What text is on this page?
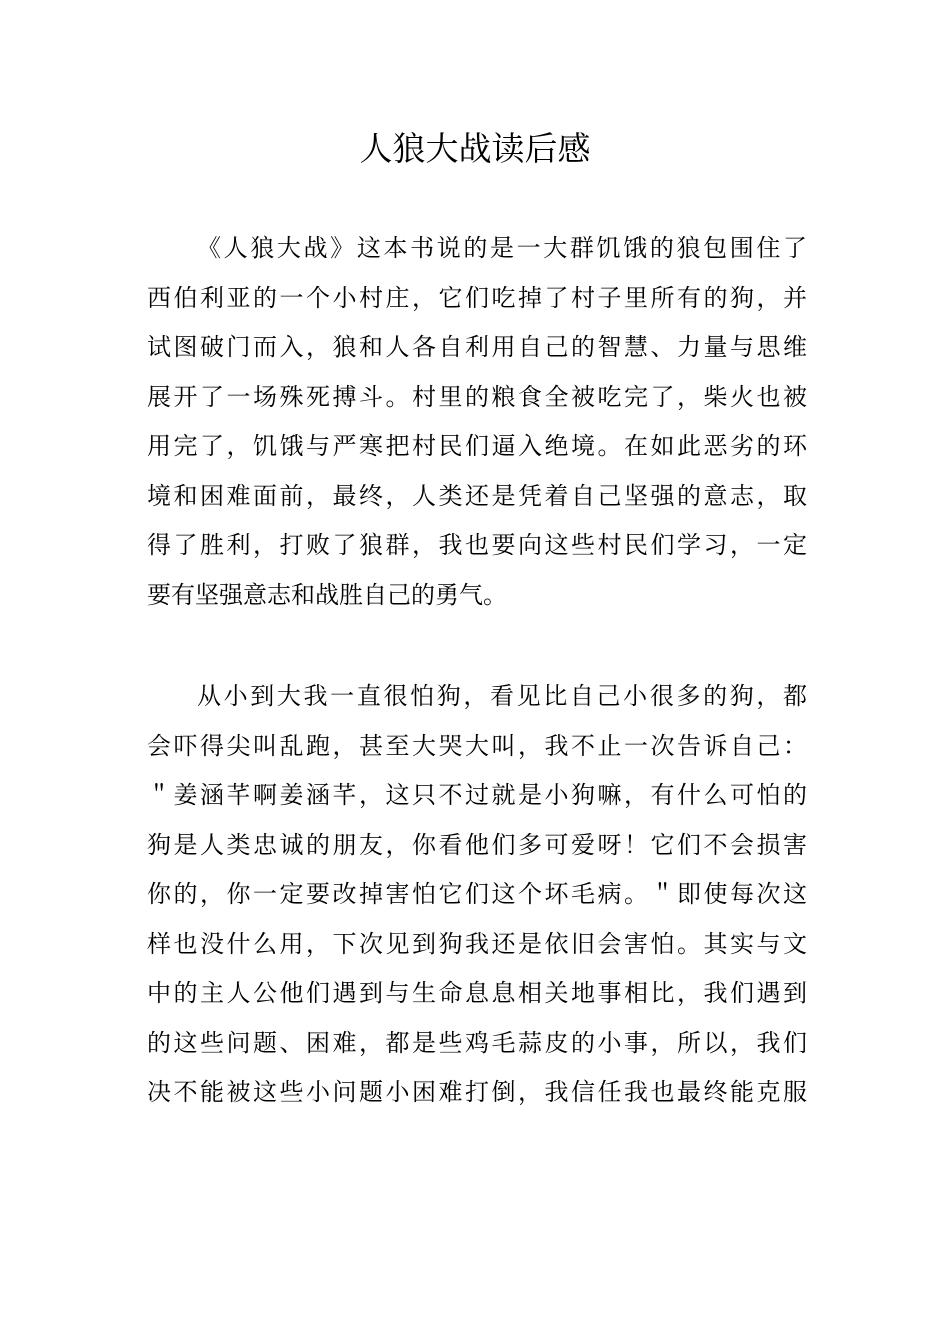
人狼大战读后感
《人狼大战》这本书说的是一大群饥饿的狼包围住了
西伯利亚的一个小村庄，它们吃掉了村子里所有的狗，并
试图破门而入，狼和人各自利用自己的智慧、力量与思维
展开了一场殊死搏斗。村里的粮食全被吃完了，柴火也被
用完了，饥饿与严寒把村民们逼入绝境。在如此恶劣的环
境和困难面前，最终，人类还是凭着自己坚强的意志，取
得了胜利，打败了狼群，我也要向这些村民们学习，一定
要有坚强意志和战胜自己的勇气。
从小到大我一直很怕狗，看见比自己小很多的狗，都
会吓得尖叫乱跑，甚至大哭大叫，我不止一次告诉自己：
＂姜涵芊啊姜涵芊，这只不过就是小狗嘛，有什么可怕的
狗是人类忠诚的朋友，你看他们多可爱呀！它们不会损害
你的，你一定要改掉害怕它们这个坏毛病。＂即使每次这
样也没什么用，下次见到狗我还是依旧会害怕。其实与文
中的主人公他们遇到与生命息息相关地事相比，我们遇到
的这些问题、困难，都是些鸡毛蒜皮的小事，所以，我们
决不能被这些小问题小困难打倒，我信任我也最终能克服
